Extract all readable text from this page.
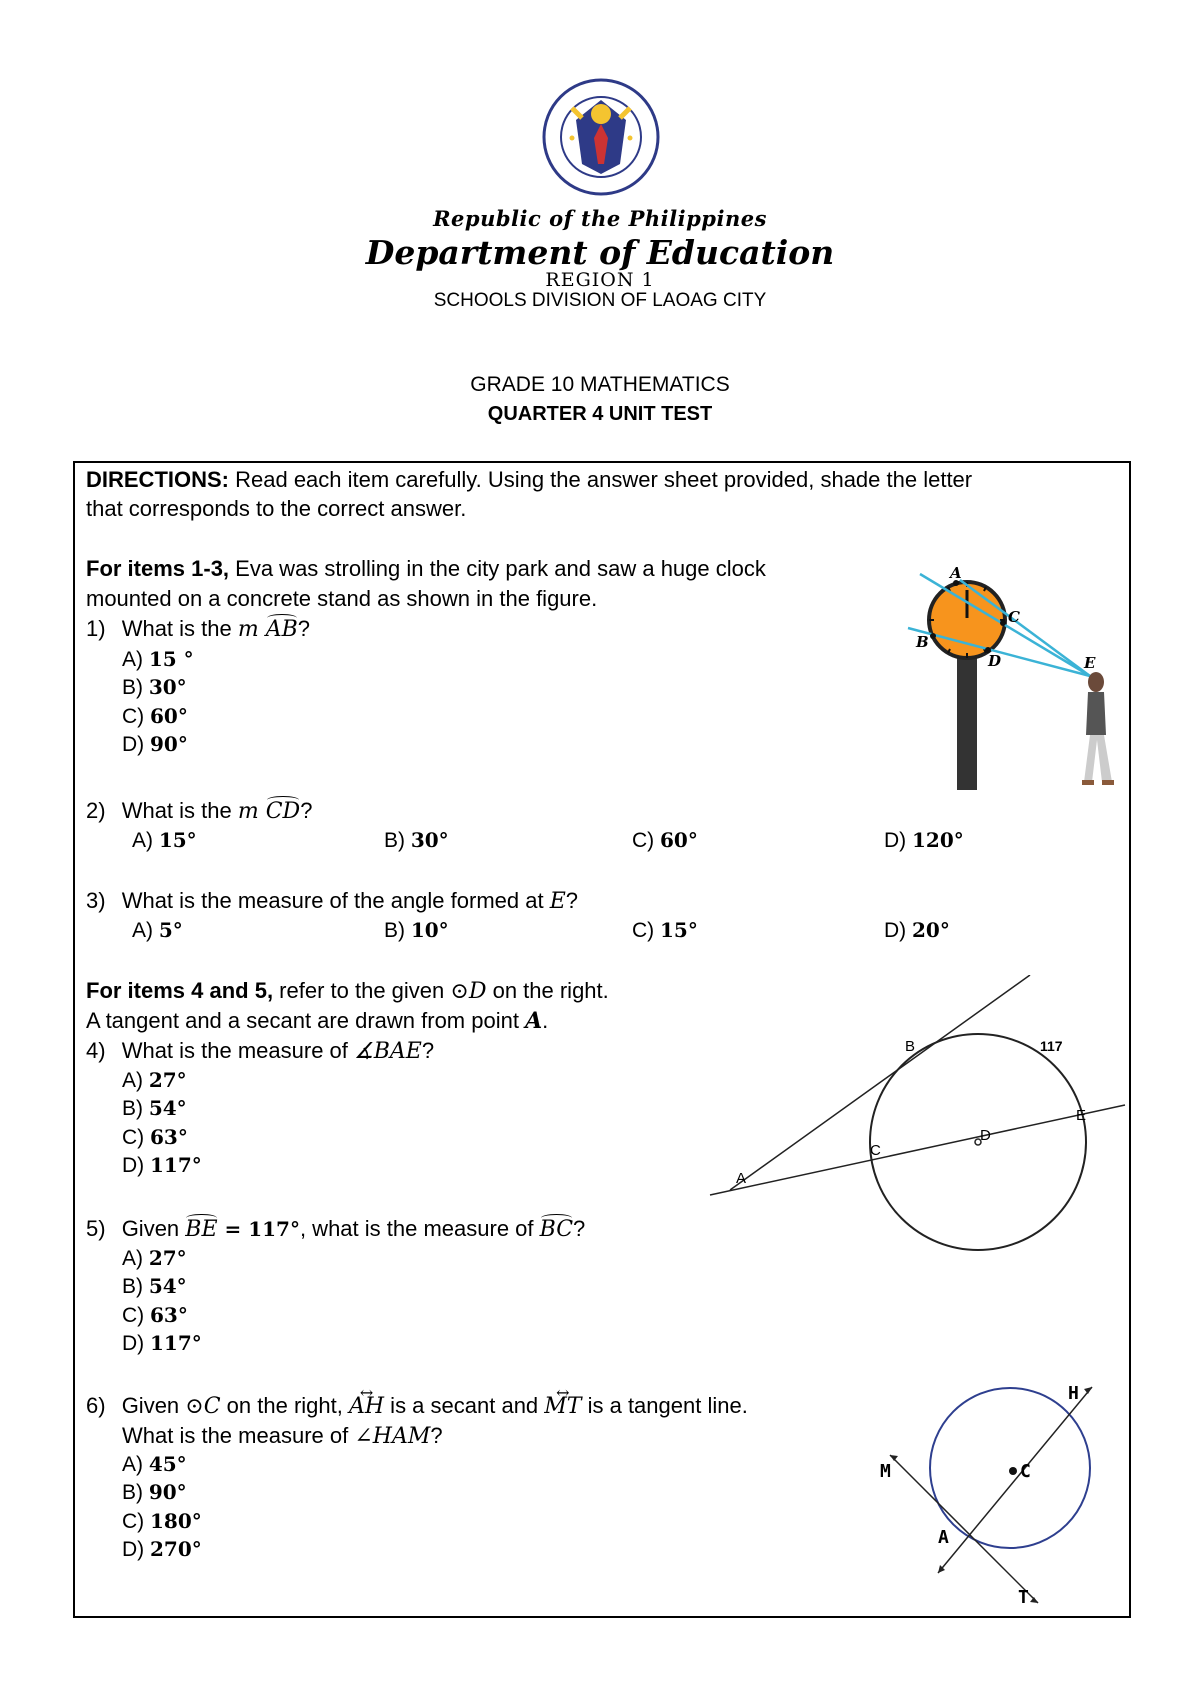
Republic of the Philippines
Department of Education
REGION 1
SCHOOLS DIVISION OF LAOAG CITY
GRADE 10 MATHEMATICS
QUARTER 4 UNIT TEST
DIRECTIONS: Read each item carefully. Using the answer sheet provided, shade the letter
that corresponds to the correct answer.
For items 1-3, Eva was strolling in the city park and saw a huge clock
mounted on a concrete stand as shown in the figure.
1) What is the m AB?
A) 15 °
B) 30°
C) 60°
D) 90°
2) What is the m CD?
A) 15°	B) 30°	C) 60°	D) 120°
3) What is the measure of the angle formed at E?
A) 5°	B) 10°	C) 15°	D) 20°
For items 4 and 5, refer to the given ⊙D on the right.
A tangent and a secant are drawn from point A.
4) What is the measure of ∡BAE?
A) 27°
B) 54°
C) 63°
D) 117°
5) Given BE = 117°, what is the measure of BC?
A) 27°
B) 54°
C) 63°
D) 117°
6) Given ⊙C on the right, ↔ AH is a secant and ↔ MT is a tangent line.
What is the measure of ∠HAM?
A) 45°
B) 90°
C) 180°
D) 270°
A
C
B
D	E
A
B
C
D
E
117
H
C
M
A
T
